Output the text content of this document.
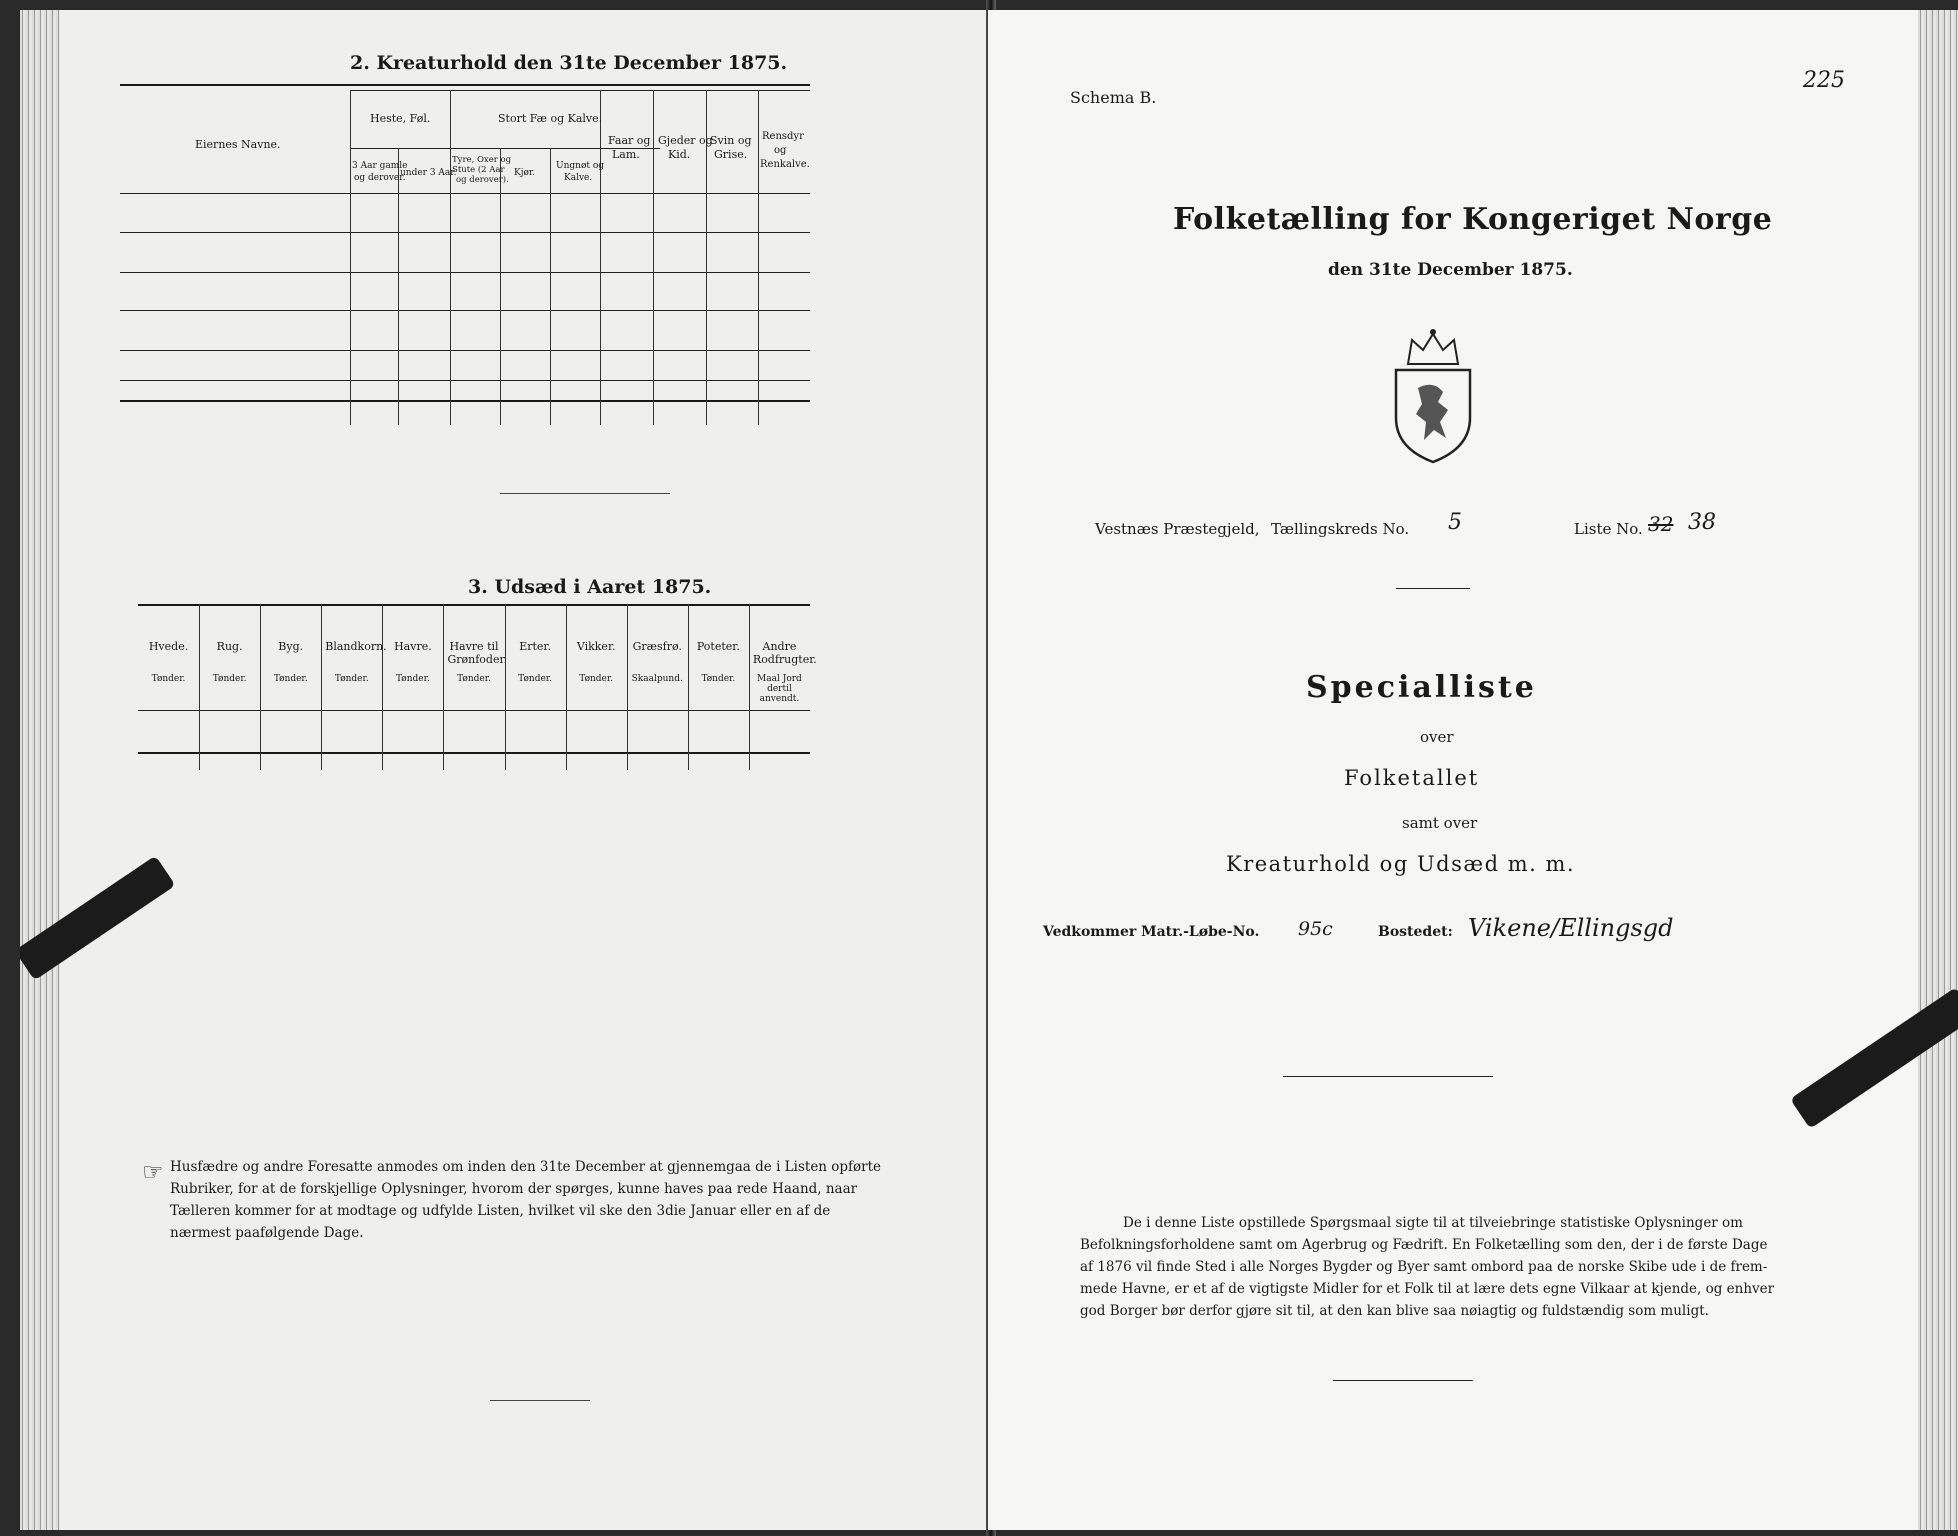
2. Kreaturhold den 31te December 1875.
Eiernes Navne.
Heste, Føl.
3 Aar gamle
og derover.
under 3 Aar.
Stort Fæ og Kalve.
Tyre, Oxer og
Stute (2 Aar
og derover).
Kjør.
Ungnøt og
Kalve.
Faar og
Lam.
Gjeder og
Kid.
Svin og
Grise.
Rensdyr
og
Renkalve.
3. Udsæd i Aaret 1875.
☞ Husfædre og andre Foresatte anmodes om inden den 31te December at gjennemgaa de i Listen opførte
Rubriker, for at de forskjellige Oplysninger, hvorom der spørges, kunne haves paa rede Haand, naar
Tælleren kommer for at modtage og udfylde Listen, hvilket vil ske den 3die Januar eller en af de
nærmest paafølgende Dage.
Hvede.
Tønder.
Rug.
Tønder.
Byg.
Tønder.
Blandkorn.
Tønder.
Havre.
Tønder.
Havre til Grønfoder.
Tønder.
Erter.
Tønder.
Vikker.
Tønder.
Græsfrø.
Skaalpund.
Poteter.
Tønder.
Andre Rodfrugter.
Maal Jord dertil anvendt.
Schema B.
225
Folketælling for Kongeriget Norge
den 31te December 1875.
Vestnæs Præstegjeld, Tællingskreds No. 5	Liste No. 32 38
Specialliste
over
Folketallet
samt over
Kreaturhold og Udsæd m. m.
Vedkommer Matr.-Løbe-No. 95c	Bostedet: Vikene/Ellingsgd
De i denne Liste opstillede Spørgsmaal sigte til at tilveiebringe statistiske Oplysninger om
Befolkningsforholdene samt om Agerbrug og Fædrift. En Folketælling som den, der i de første Dage
af 1876 vil finde Sted i alle Norges Bygder og Byer samt ombord paa de norske Skibe ude i de frem-
mede Havne, er et af de vigtigste Midler for et Folk til at lære dets egne Vilkaar at kjende, og enhver
god Borger bør derfor gjøre sit til, at den kan blive saa nøiagtig og fuldstændig som muligt.
